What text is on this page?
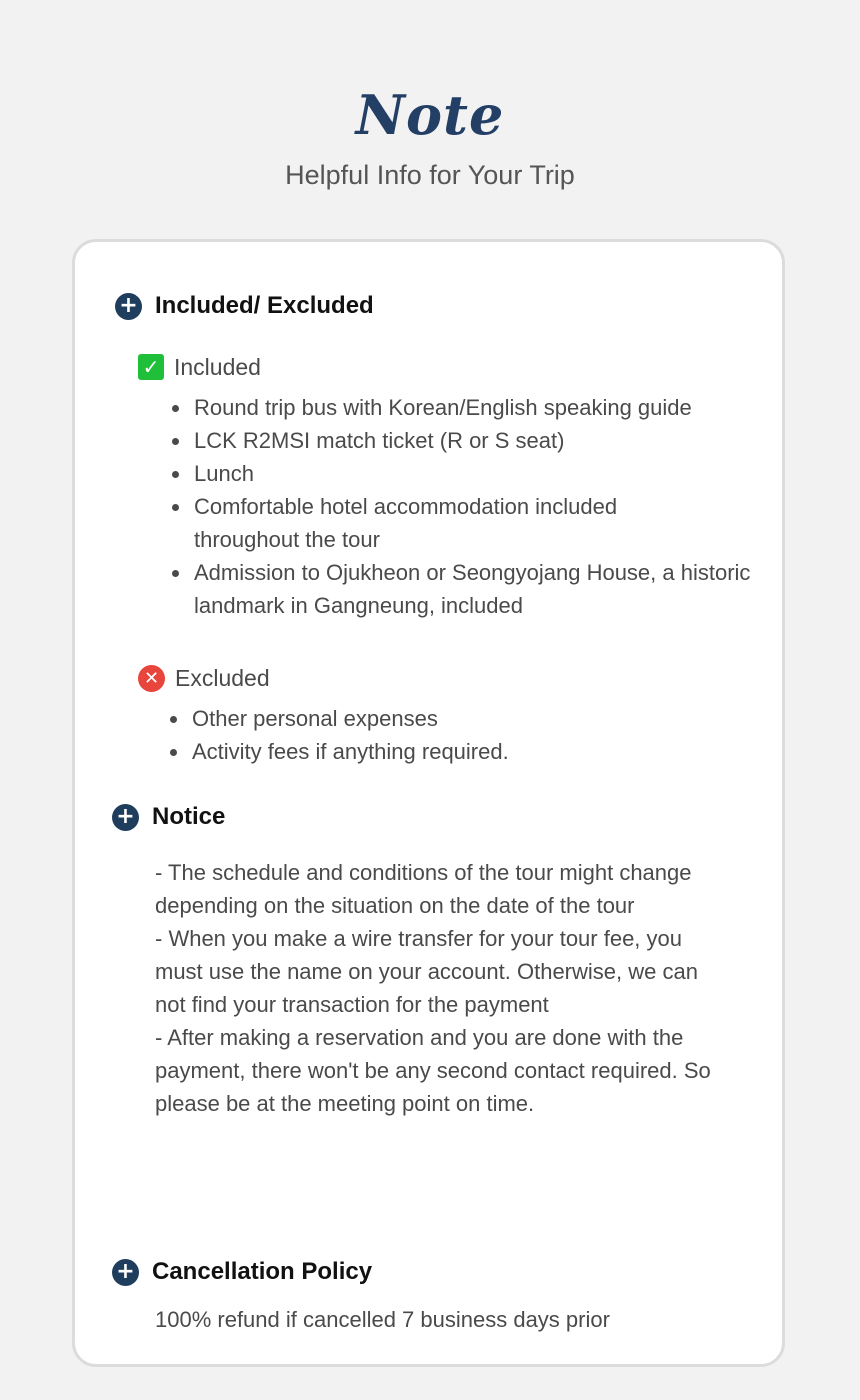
Note
Helpful Info for Your Trip
+ Included/ Excluded
✓ Included
Round trip bus with Korean/English speaking guide
LCK R2MSI match ticket (R or S seat)
Lunch
Comfortable hotel accommodation included throughout the tour
Admission to Ojukheon or Seongyojang House, a historic landmark in Gangneung, included
✕ Excluded
Other personal expenses
Activity fees if anything required.
+ Notice
- The schedule and conditions of the tour might change depending on the situation on the date of the tour
- When you make a wire transfer for your tour fee, you must use the name on your account. Otherwise, we can not find your transaction for the payment
- After making a reservation and you are done with the payment, there won't be any second contact required. So please be at the meeting point on time.
+ Cancellation Policy
100% refund if cancelled 7 business days prior
